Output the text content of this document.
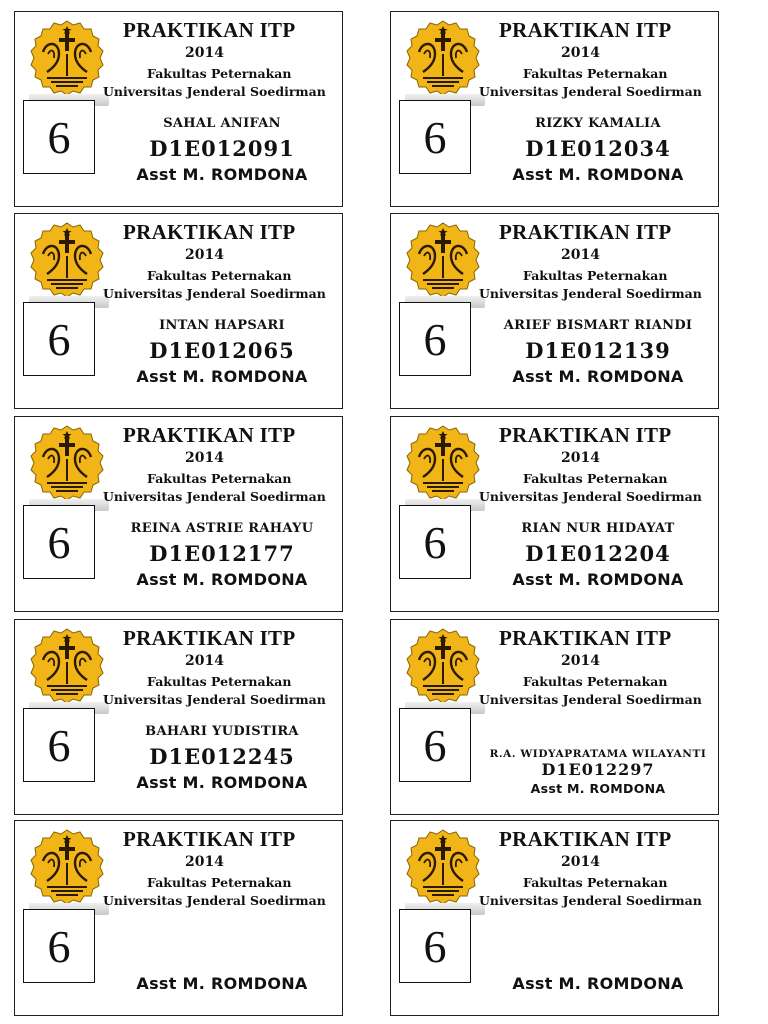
6
PRAKTIKAN ITP
2014
Fakultas Peternakan
Universitas Jenderal Soedirman
SAHAL ANIFAN
D1E012091
Asst M. ROMDONA
6
PRAKTIKAN ITP
2014
Fakultas Peternakan
Universitas Jenderal Soedirman
RIZKY KAMALIA
D1E012034
Asst M. ROMDONA
6
PRAKTIKAN ITP
2014
Fakultas Peternakan
Universitas Jenderal Soedirman
INTAN HAPSARI
D1E012065
Asst M. ROMDONA
6
PRAKTIKAN ITP
2014
Fakultas Peternakan
Universitas Jenderal Soedirman
ARIEF BISMART RIANDI
D1E012139
Asst M. ROMDONA
6
PRAKTIKAN ITP
2014
Fakultas Peternakan
Universitas Jenderal Soedirman
REINA ASTRIE RAHAYU
D1E012177
Asst M. ROMDONA
6
PRAKTIKAN ITP
2014
Fakultas Peternakan
Universitas Jenderal Soedirman
RIAN NUR HIDAYAT
D1E012204
Asst M. ROMDONA
6
PRAKTIKAN ITP
2014
Fakultas Peternakan
Universitas Jenderal Soedirman
BAHARI YUDISTIRA
D1E012245
Asst M. ROMDONA
6
PRAKTIKAN ITP
2014
Fakultas Peternakan
Universitas Jenderal Soedirman
R.A. WIDYAPRATAMA WILAYANTI
D1E012297
Asst M. ROMDONA
6
PRAKTIKAN ITP
2014
Fakultas Peternakan
Universitas Jenderal Soedirman
Asst M. ROMDONA
6
PRAKTIKAN ITP
2014
Fakultas Peternakan
Universitas Jenderal Soedirman
Asst M. ROMDONA
